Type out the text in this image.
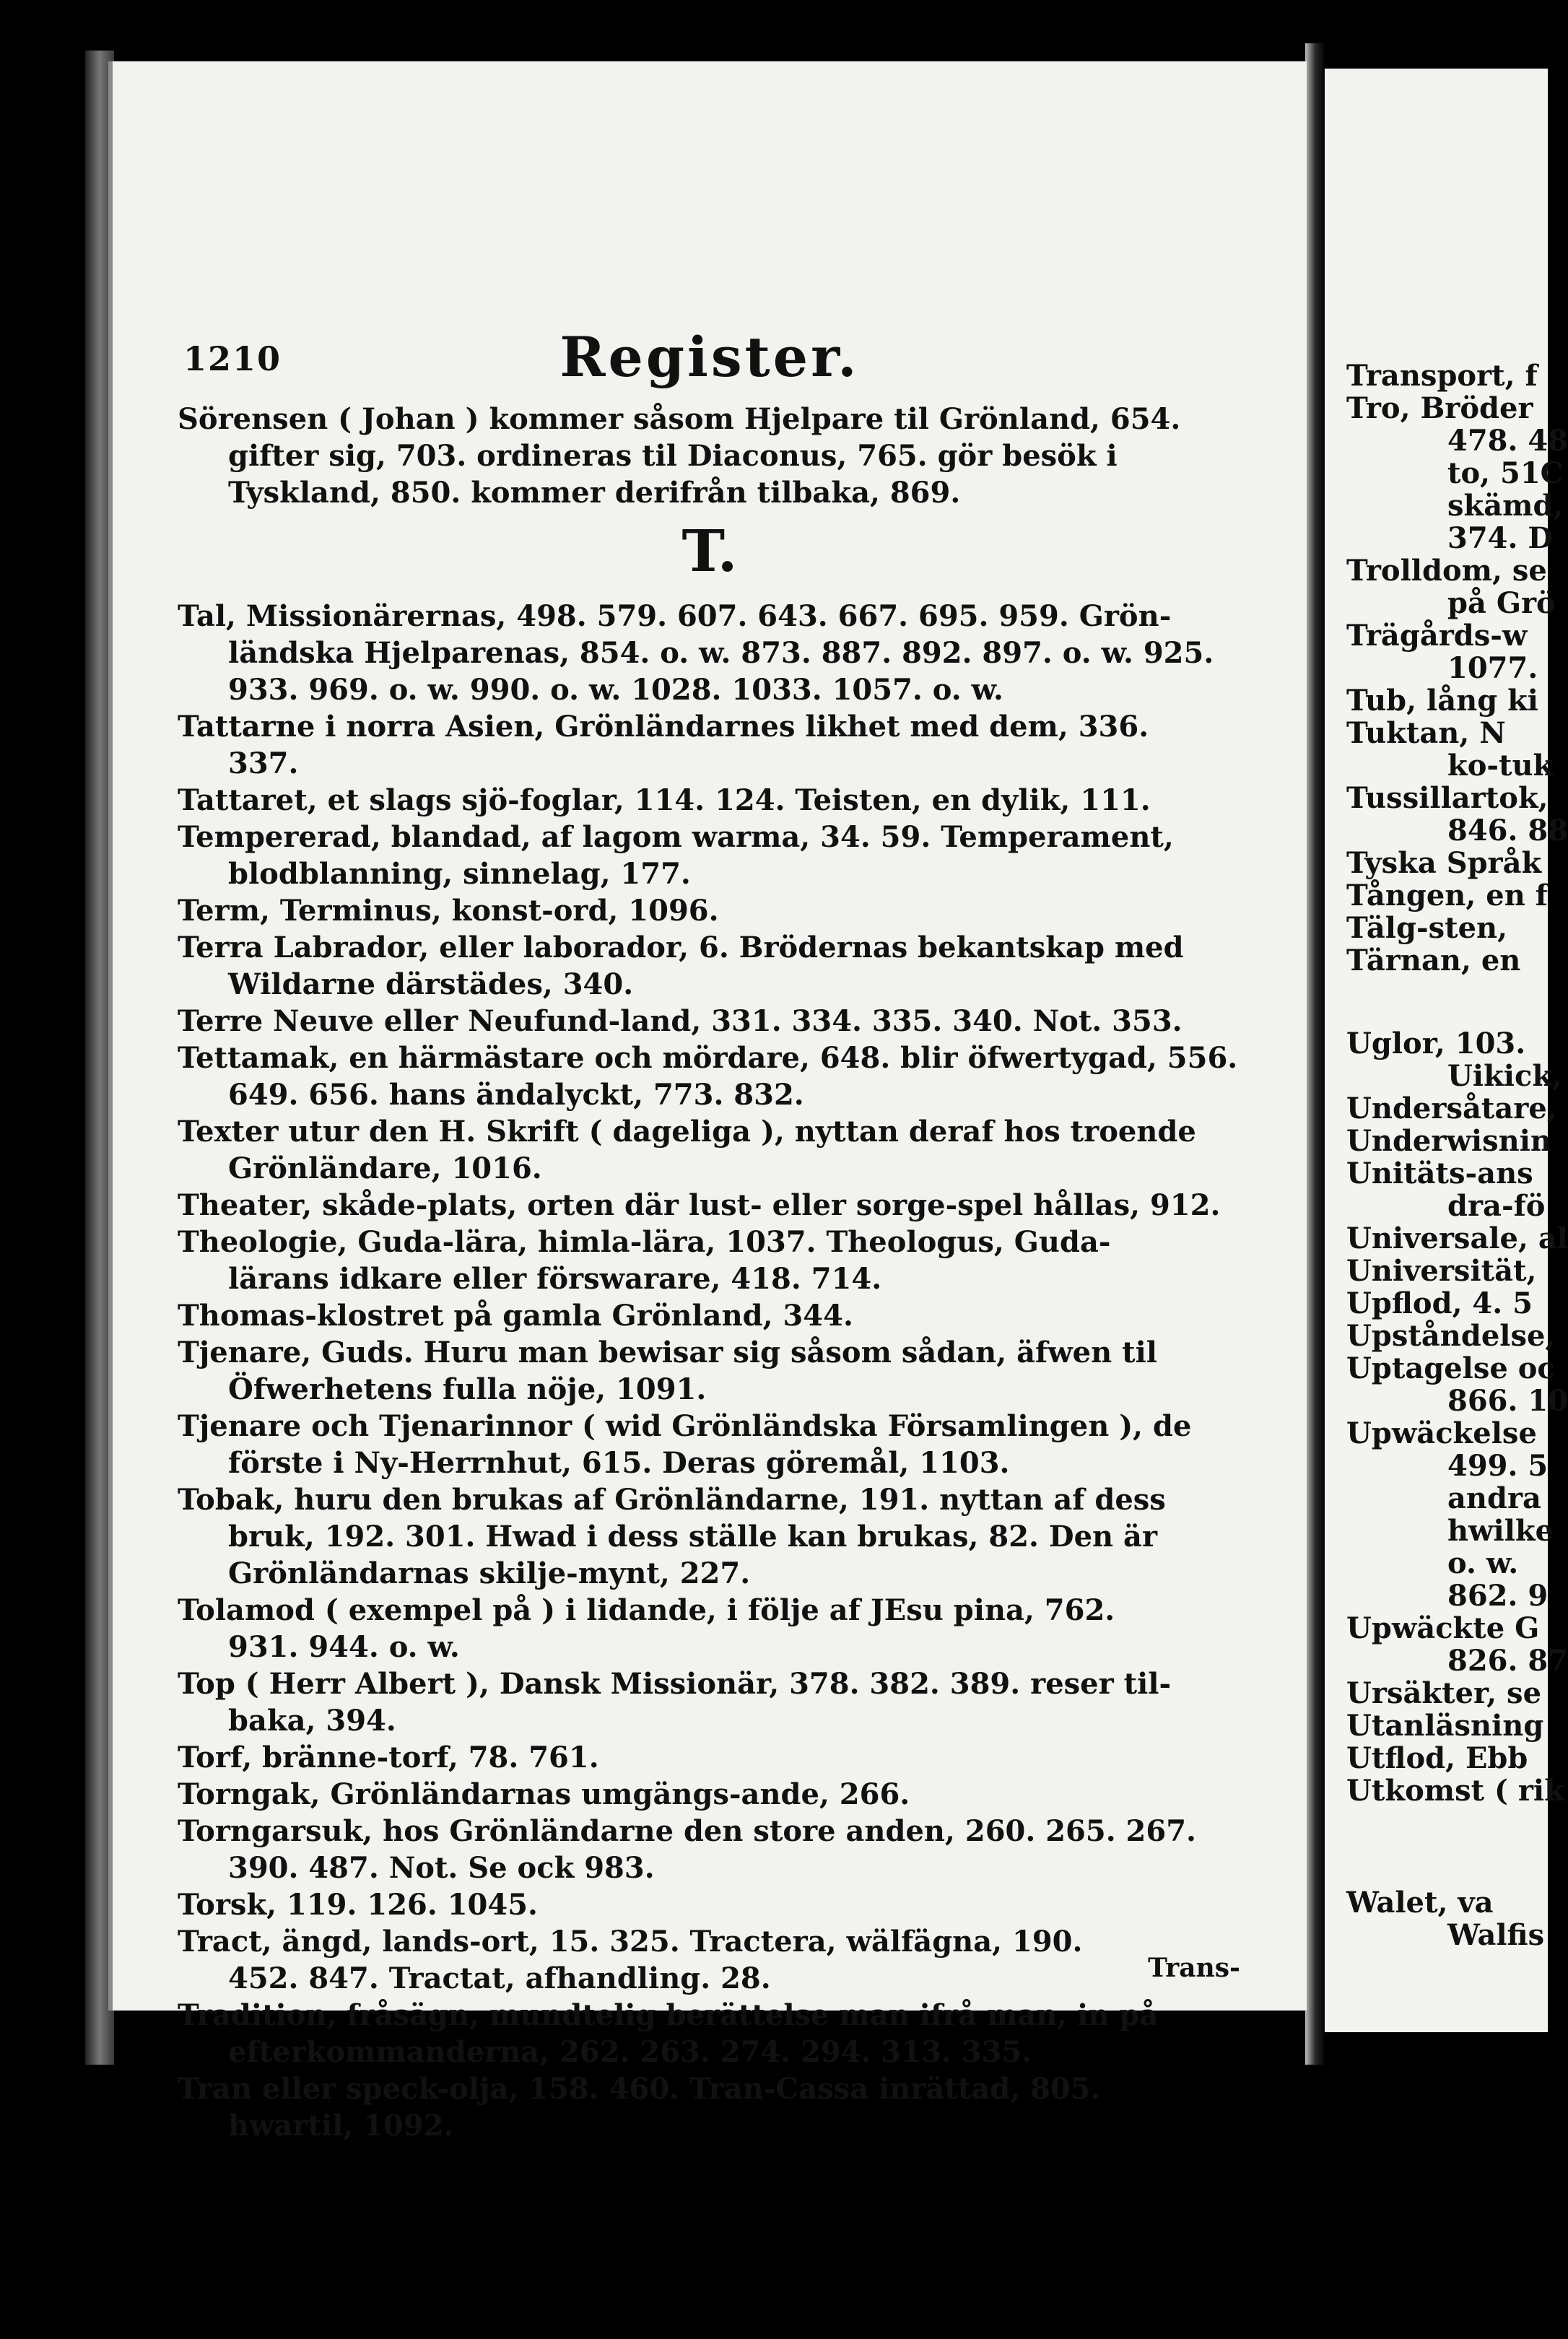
1210	Register.
Sörensen ( Johan ) kommer såsom Hjelpare til Grönland, 654.
gifter sig, 703. ordineras til Diaconus, 765. gör besök i
Tyskland, 850. kommer derifrån tilbaka, 869.
T.
Tal, Missionärernas, 498. 579. 607. 643. 667. 695. 959. Grön-
ländska Hjelparenas, 854. o. w. 873. 887. 892. 897. o. w. 925.
933. 969. o. w. 990. o. w. 1028. 1033. 1057. o. w.
Tattarne i norra Asien, Grönländarnes likhet med dem, 336.
337.
Tattaret, et slags sjö-foglar, 114. 124. Teisten, en dylik, 111.
Tempererad, blandad, af lagom warma, 34. 59. Temperament,
blodblanning, sinnelag, 177.
Term, Terminus, konst-ord, 1096.
Terra Labrador, eller laborador, 6. Brödernas bekantskap med
Wildarne därstädes, 340.
Terre Neuve eller Neufund-land, 331. 334. 335. 340. Not. 353.
Tettamak, en härmästare och mördare, 648. blir öfwertygad, 556.
649. 656. hans ändalyckt, 773. 832.
Texter utur den H. Skrift ( dageliga ), nyttan deraf hos troende
Grönländare, 1016.
Theater, skåde-plats, orten där lust- eller sorge-spel hållas, 912.
Theologie, Guda-lära, himla-lära, 1037. Theologus, Guda-
lärans idkare eller förswarare, 418. 714.
Thomas-klostret på gamla Grönland, 344.
Tjenare, Guds. Huru man bewisar sig såsom sådan, äfwen til
Öfwerhetens fulla nöje, 1091.
Tjenare och Tjenarinnor ( wid Grönländska Församlingen ), de
förste i Ny-Herrnhut, 615. Deras göremål, 1103.
Tobak, huru den brukas af Grönländarne, 191. nyttan af dess
bruk, 192. 301. Hwad i dess ställe kan brukas, 82. Den är
Grönländarnas skilje-mynt, 227.
Tolamod ( exempel på ) i lidande, i följe af JEsu pina, 762.
931. 944. o. w.
Top ( Herr Albert ), Dansk Missionär, 378. 382. 389. reser til-
baka, 394.
Torf, bränne-torf, 78. 761.
Torngak, Grönländarnas umgängs-ande, 266.
Torngarsuk, hos Grönländarne den store anden, 260. 265. 267.
390. 487. Not. Se ock 983.
Torsk, 119. 126. 1045.
Tract, ängd, lands-ort, 15. 325. Tractera, wälfägna, 190.
452. 847. Tractat, afhandling. 28.
Tradition, fråsägn, mundtelig berättelse man ifrå man, in på
efterkommanderna, 262. 263. 274. 294. 313. 335.
Tran eller speck-olja, 158. 460. Tran-Cassa inrättad, 805.
hwartil, 1092.
Trans-
Transport, f
Tro, Bröder
478. 48
to, 51C
skämd,
374. D
Trolldom, se
på Grö
Trägårds-w
1077.
Tub, lång ki
Tuktan, N
ko-tuk
Tussillartok,
846. 88
Tyska Språk
Tången, en f
Tälg-sten,
Tärnan, en
Uglor, 103.
Uikick,
Undersåtare,
Underwisnin
Unitäts-ans
dra-fö
Universale, al
Universität,
Upflod, 4. 5
Upståndelse,
Uptagelse oc
866. 10
Upwäckelse
499. 5
andra
hwilke
o. w.
862. 9
Upwäckte G
826. 87
Ursäkter, se
Utanläsning
Utflod, Ebb
Utkomst ( rik
Walet, va
Walfis
